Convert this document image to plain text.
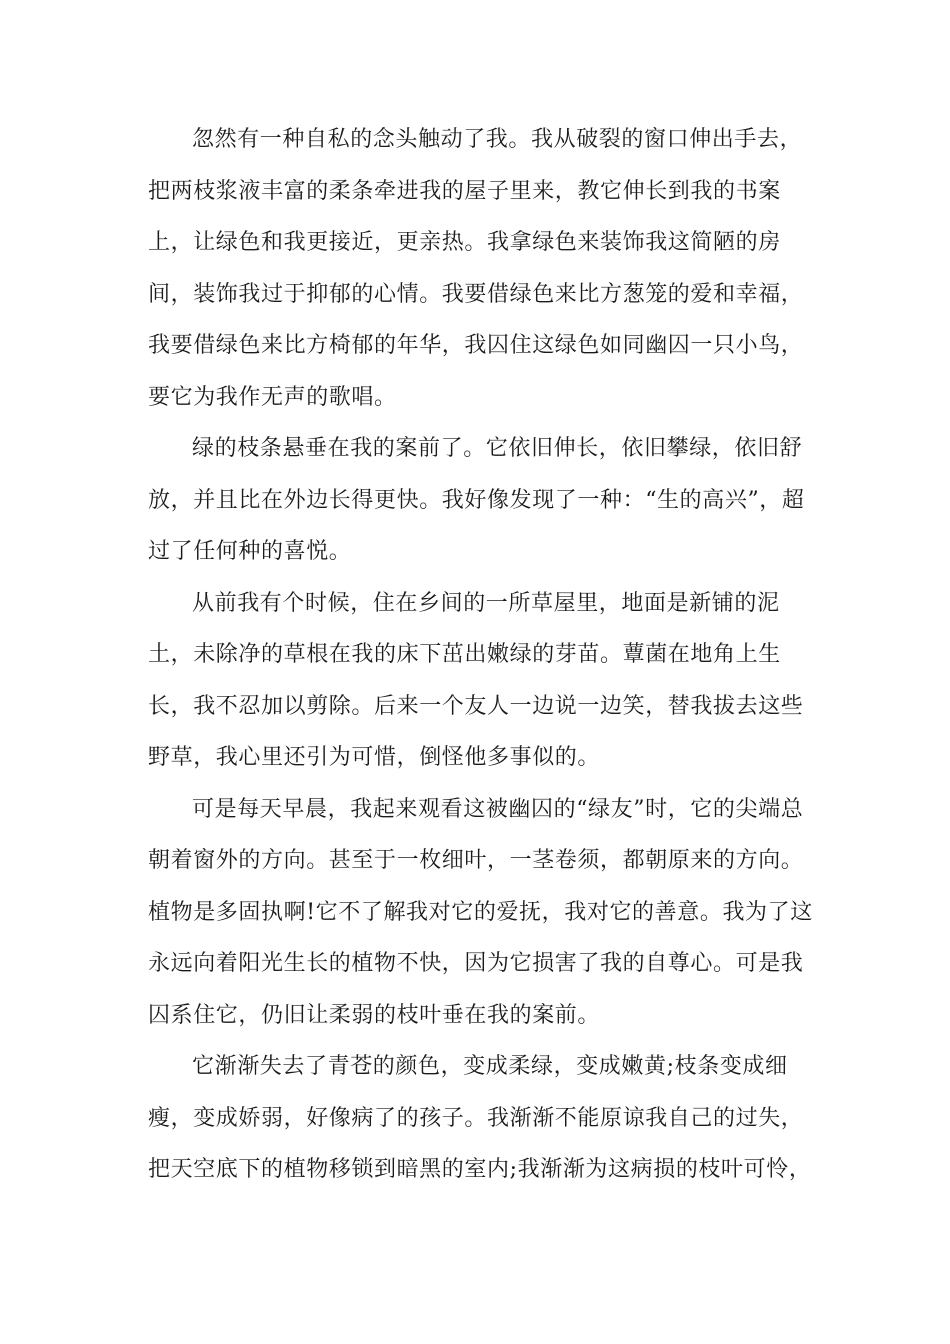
忽然有一种自私的念头触动了我。我从破裂的窗口伸出手去，
把两枝浆液丰富的柔条牵进我的屋子里来，教它伸长到我的书案
上，让绿色和我更接近，更亲热。我拿绿色来装饰我这简陋的房
间，装饰我过于抑郁的心情。我要借绿色来比方葱笼的爱和幸福，
我要借绿色来比方椅郁的年华，我囚住这绿色如同幽囚一只小鸟，
要它为我作无声的歌唱。
绿的枝条悬垂在我的案前了。它依旧伸长，依旧攀绿，依旧舒
放，并且比在外边长得更快。我好像发现了一种：“生的高兴”，超
过了任何种的喜悦。
从前我有个时候，住在乡间的一所草屋里，地面是新铺的泥
土，未除净的草根在我的床下茁出嫩绿的芽苗。蕈菌在地角上生
长，我不忍加以剪除。后来一个友人一边说一边笑，替我拔去这些
野草，我心里还引为可惜，倒怪他多事似的。
可是每天早晨，我起来观看这被幽囚的“绿友”时，它的尖端总
朝着窗外的方向。甚至于一枚细叶，一茎卷须，都朝原来的方向。
植物是多固执啊!它不了解我对它的爱抚，我对它的善意。我为了这
永远向着阳光生长的植物不快，因为它损害了我的自尊心。可是我
囚系住它，仍旧让柔弱的枝叶垂在我的案前。
它渐渐失去了青苍的颜色，变成柔绿，变成嫩黄;枝条变成细
瘦，变成娇弱，好像病了的孩子。我渐渐不能原谅我自己的过失，
把天空底下的植物移锁到暗黑的室内;我渐渐为这病损的枝叶可怜，
